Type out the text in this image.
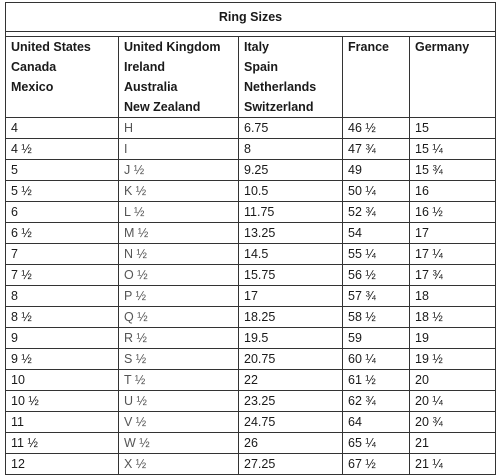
Ring Sizes				

United States
Canada
Mexico	United Kingdom
Ireland
Australia
New Zealand	Italy
Spain
Netherlands
Switzerland	France	Germany

4	H	6.75	46 ½	15
4 ½	I	8	47 ¾	15 ¼
5	J ½	9.25	49	15 ¾
5 ½	K ½	10.5	50 ¼	16
6	L ½	11.75	52 ¾	16 ½
6 ½	M ½	13.25	54	17
7	N ½	14.5	55 ¼	17 ¼
7 ½	O ½	15.75	56 ½	17 ¾
8	P ½	17	57 ¾	18
8 ½	Q ½	18.25	58 ½	18 ½
9	R ½	19.5	59	19
9 ½	S ½	20.75	60 ¼	19 ½
10	T ½	22	61 ½	20
10 ½	U ½	23.25	62 ¾	20 ¼
11	V ½	24.75	64	20 ¾
11 ½	W ½	26	65 ¼	21
12	X ½	27.25	67 ½	21 ¼
